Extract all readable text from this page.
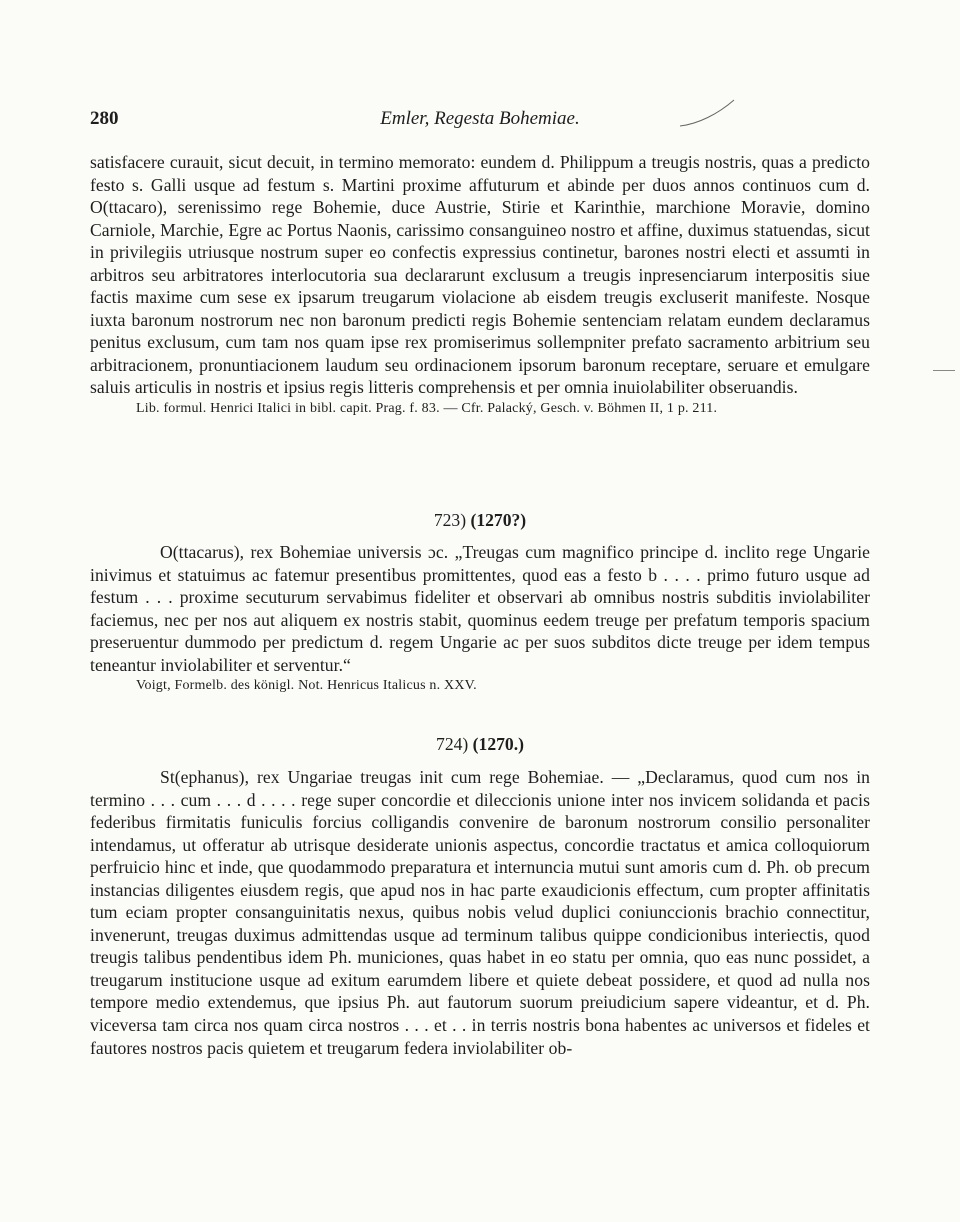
280	Emler, Regesta Bohemiae.

satisfacere curauit, sicut decuit, in termino memorato: eundem d. Philippum a treugis nostris, quas a predicto festo s. Galli usque ad festum s. Martini proxime affuturum et abinde per duos annos continuos cum d. O(ttacaro), serenissimo rege Bohemie, duce Austrie, Stirie et Karinthie, marchione Moravie, domino Carniole, Marchie, Egre ac Portus Naonis, carissimo consanguineo nostro et affine, duximus statuendas, sicut in privilegiis utriusque nostrum super eo confectis expressius continetur, barones nostri electi et assumti in arbitros seu arbitratores interlocutoria sua declararunt exclusum a treugis inpresenciarum interpositis siue factis maxime cum sese ex ipsarum treugarum violacione ab eisdem treugis excluserit manifeste. Nosque iuxta baronum nostrorum nec non baronum predicti regis Bohemie sentenciam relatam eundem declaramus penitus exclusum, cum tam nos quam ipse rex promiserimus sollempniter prefato sacramento arbitrium seu arbitracionem, pronuntiacionem laudum seu ordinacionem ipsorum baronum receptare, seruare et emulgare saluis articulis in nostris et ipsius regis litteris comprehensis et per omnia inuiolabiliter obseruandis.

Lib. formul. Henrici Italici in bibl. capit. Prag. f. 83. — Cfr. Palacký, Gesch. v. Böhmen II, 1 p. 211.

723) (1270?)

O(ttacarus), rex Bohemiae universis ɔc. „Treugas cum magnifico principe d. inclito rege Ungarie inivimus et statuimus ac fatemur presentibus promittentes, quod eas a festo b . . . . primo futuro usque ad festum . . . proxime secuturum servabimus fideliter et observari ab omnibus nostris subditis inviolabiliter faciemus, nec per nos aut aliquem ex nostris stabit, quominus eedem treuge per prefatum temporis spacium preseruentur dummodo per predictum d. regem Ungarie ac per suos subditos dicte treuge per idem tempus teneantur inviolabiliter et serventur.“

Voigt, Formelb. des königl. Not. Henricus Italicus n. XXV.

724) (1270.)

St(ephanus), rex Ungariae treugas init cum rege Bohemiae. — „Declaramus, quod cum nos in termino . . . cum . . . d . . . . rege super concordie et dileccionis unione inter nos invicem solidanda et pacis federibus firmitatis funiculis forcius colligandis convenire de baronum nostrorum consilio personaliter intendamus, ut offeratur ab utrisque desiderate unionis aspectus, concordie tractatus et amica colloquiorum perfruicio hinc et inde, que quodammodo preparatura et internuncia mutui sunt amoris cum d. Ph. ob precum instancias diligentes eiusdem regis, que apud nos in hac parte exaudicionis effectum, cum propter affinitatis tum eciam propter consanguinitatis nexus, quibus nobis velud duplici coniunccionis brachio connectitur, invenerunt, treugas duximus admittendas usque ad terminum talibus quippe condicionibus interiectis, quod treugis talibus pendentibus idem Ph. municiones, quas habet in eo statu per omnia, quo eas nunc possidet, a treugarum institucione usque ad exitum earumdem libere et quiete debeat possidere, et quod ad nulla nos tempore medio extendemus, que ipsius Ph. aut fautorum suorum preiudicium sapere videantur, et d. Ph. viceversa tam circa nos quam circa nostros . . . et . . in terris nostris bona habentes ac universos et fideles et fautores nostros pacis quietem et treugarum federa inviolabiliter ob-
